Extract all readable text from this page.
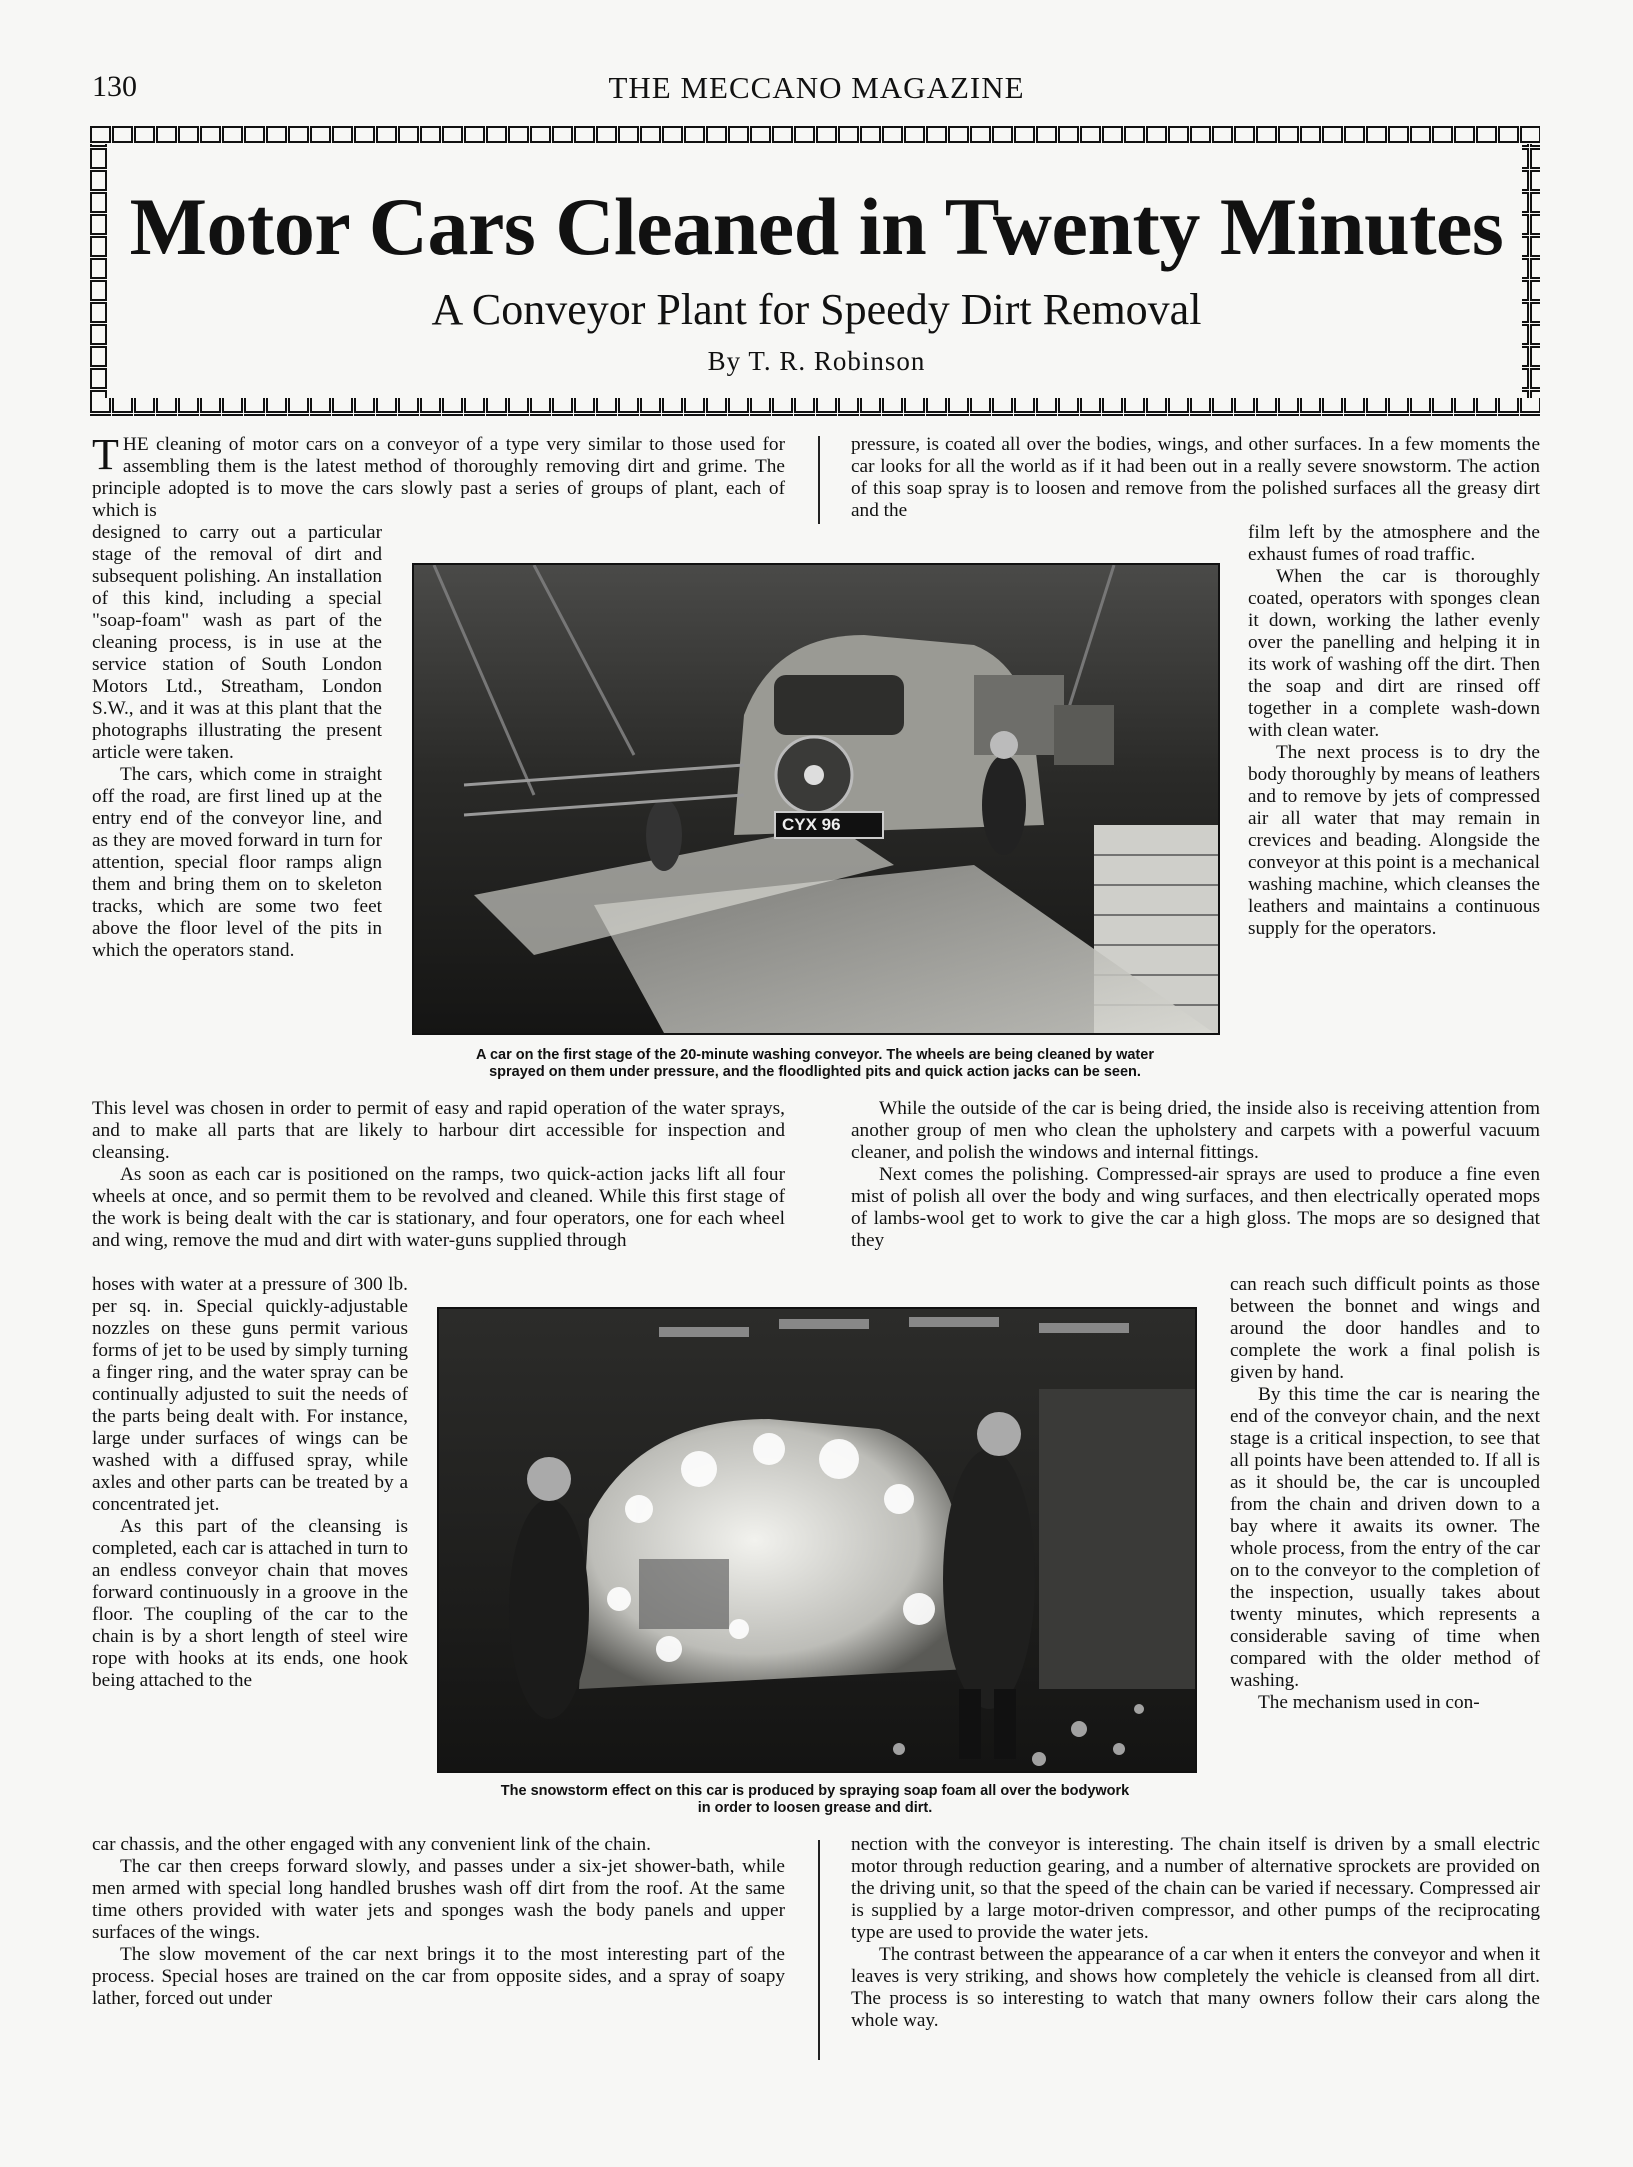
130	THE MECCANO MAGAZINE
Motor Cars Cleaned in Twenty Minutes
A Conveyor Plant for Speedy Dirt Removal
By T. R. Robinson

THE cleaning of motor cars on a conveyor of a type very similar to those used for assembling them is the latest method of thoroughly removing dirt and grime. The principle adopted is to move the cars slowly past a series of groups of plant, each of which is

designed to carry out a particular stage of the removal of dirt and subsequent polishing. An installation of this kind, including a special "soap-foam" wash as part of the cleaning process, is in use at the service station of South London Motors Ltd., Streatham, London S.W., and it was at this plant that the photographs illustrating the present article were taken.

The cars, which come in straight off the road, are first lined up at the entry end of the conveyor line, and as they are moved forward in turn for attention, special floor ramps align them and bring them on to skeleton tracks, which are some two feet above the floor level of the pits in which the operators stand.

This level was chosen in order to permit of easy and rapid operation of the water sprays, and to make all parts that are likely to harbour dirt accessible for inspection and cleansing.

As soon as each car is positioned on the ramps, two quick-action jacks lift all four wheels at once, and so permit them to be revolved and cleaned. While this first stage of the work is being dealt with the car is stationary, and four operators, one for each wheel and wing, remove the mud and dirt with water-guns supplied through

hoses with water at a pressure of 300 lb. per sq. in. Special quickly-adjustable nozzles on these guns permit various forms of jet to be used by simply turning a finger ring, and the water spray can be continually adjusted to suit the needs of the parts being dealt with. For instance, large under surfaces of wings can be washed with a diffused spray, while axles and other parts can be treated by a concentrated jet.

As this part of the cleansing is completed, each car is attached in turn to an endless conveyor chain that moves forward continuously in a groove in the floor. The coupling of the car to the chain is by a short length of steel wire rope with hooks at its ends, one hook being attached to the

car chassis, and the other engaged with any convenient link of the chain.

The car then creeps forward slowly, and passes under a six-jet shower-bath, while men armed with special long handled brushes wash off dirt from the roof. At the same time others provided with water jets and sponges wash the body panels and upper surfaces of the wings.

The slow movement of the car next brings it to the most interesting part of the process. Special hoses are trained on the car from opposite sides, and a spray of soapy lather, forced out under

pressure, is coated all over the bodies, wings, and other surfaces. In a few moments the car looks for all the world as if it had been out in a really severe snowstorm. The action of this soap spray is to loosen and remove from the polished surfaces all the greasy dirt and the

film left by the atmosphere and the exhaust fumes of road traffic.

When the car is thoroughly coated, operators with sponges clean it down, working the lather evenly over the panelling and helping it in its work of washing off the dirt. Then the soap and dirt are rinsed off together in a complete wash-down with clean water.

The next process is to dry the body thoroughly by means of leathers and to remove by jets of compressed air all water that may remain in crevices and beading. Alongside the conveyor at this point is a mechanical washing machine, which cleanses the leathers and maintains a continuous supply for the operators.

While the outside of the car is being dried, the inside also is receiving attention from another group of men who clean the upholstery and carpets with a powerful vacuum cleaner, and polish the windows and internal fittings.

Next comes the polishing. Compressed-air sprays are used to produce a fine even mist of polish all over the body and wing surfaces, and then electrically operated mops of lambs-wool get to work to give the car a high gloss. The mops are so designed that they

can reach such difficult points as those between the bonnet and wings and around the door handles and to complete the work a final polish is given by hand.

By this time the car is nearing the end of the conveyor chain, and the next stage is a critical inspection, to see that all points have been attended to. If all is as it should be, the car is uncoupled from the chain and driven down to a bay where it awaits its owner. The whole process, from the entry of the car on to the conveyor to the completion of the inspection, usually takes about twenty minutes, which represents a considerable saving of time when compared with the older method of washing.

The mechanism used in con-

nection with the conveyor is interesting. The chain itself is driven by a small electric motor through reduction gearing, and a number of alternative sprockets are provided on the driving unit, so that the speed of the chain can be varied if necessary. Compressed air is supplied by a large motor-driven compressor, and other pumps of the reciprocating type are used to provide the water jets.

The contrast between the appearance of a car when it enters the conveyor and when it leaves is very striking, and shows how completely the vehicle is cleansed from all dirt. The process is so interesting to watch that many owners follow their cars along the whole way.

CYX 96
A car on the first stage of the 20-minute washing conveyor. The wheels are being cleaned by water
sprayed on them under pressure, and the floodlighted pits and quick action jacks can be seen.
The snowstorm effect on this car is produced by spraying soap foam all over the bodywork
in order to loosen grease and dirt.
